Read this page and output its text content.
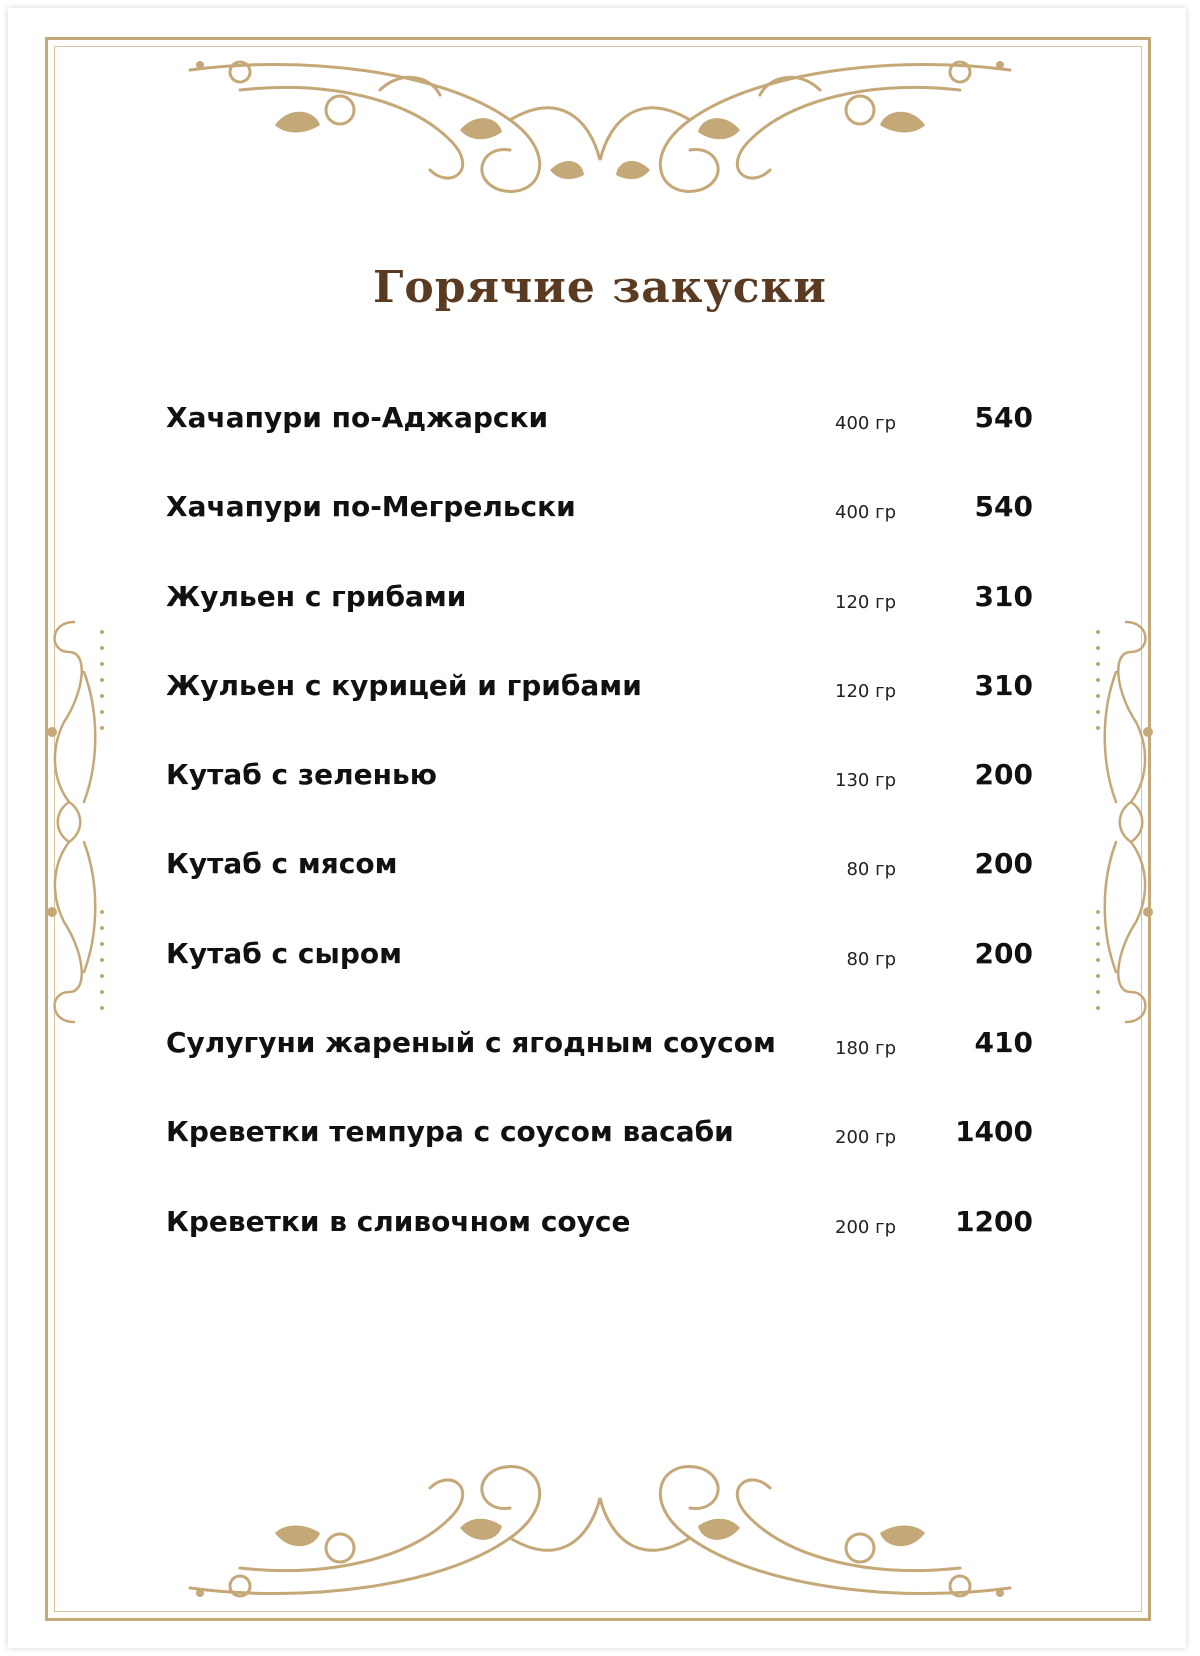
Горячие закуски
Хачапури по-Аджарски	400 гр	540
Хачапури по-Мегрельски	400 гр	540
Жульен с грибами	120 гр	310
Жульен с курицей и грибами	120 гр	310
Кутаб с зеленью	130 гр	200
Кутаб с мясом	80 гр	200
Кутаб с сыром	80 гр	200
Сулугуни жареный с ягодным соусом	180 гр	410
Креветки темпура с соусом васаби	200 гр 1400
Креветки в сливочном соусе	200 гр 1200
